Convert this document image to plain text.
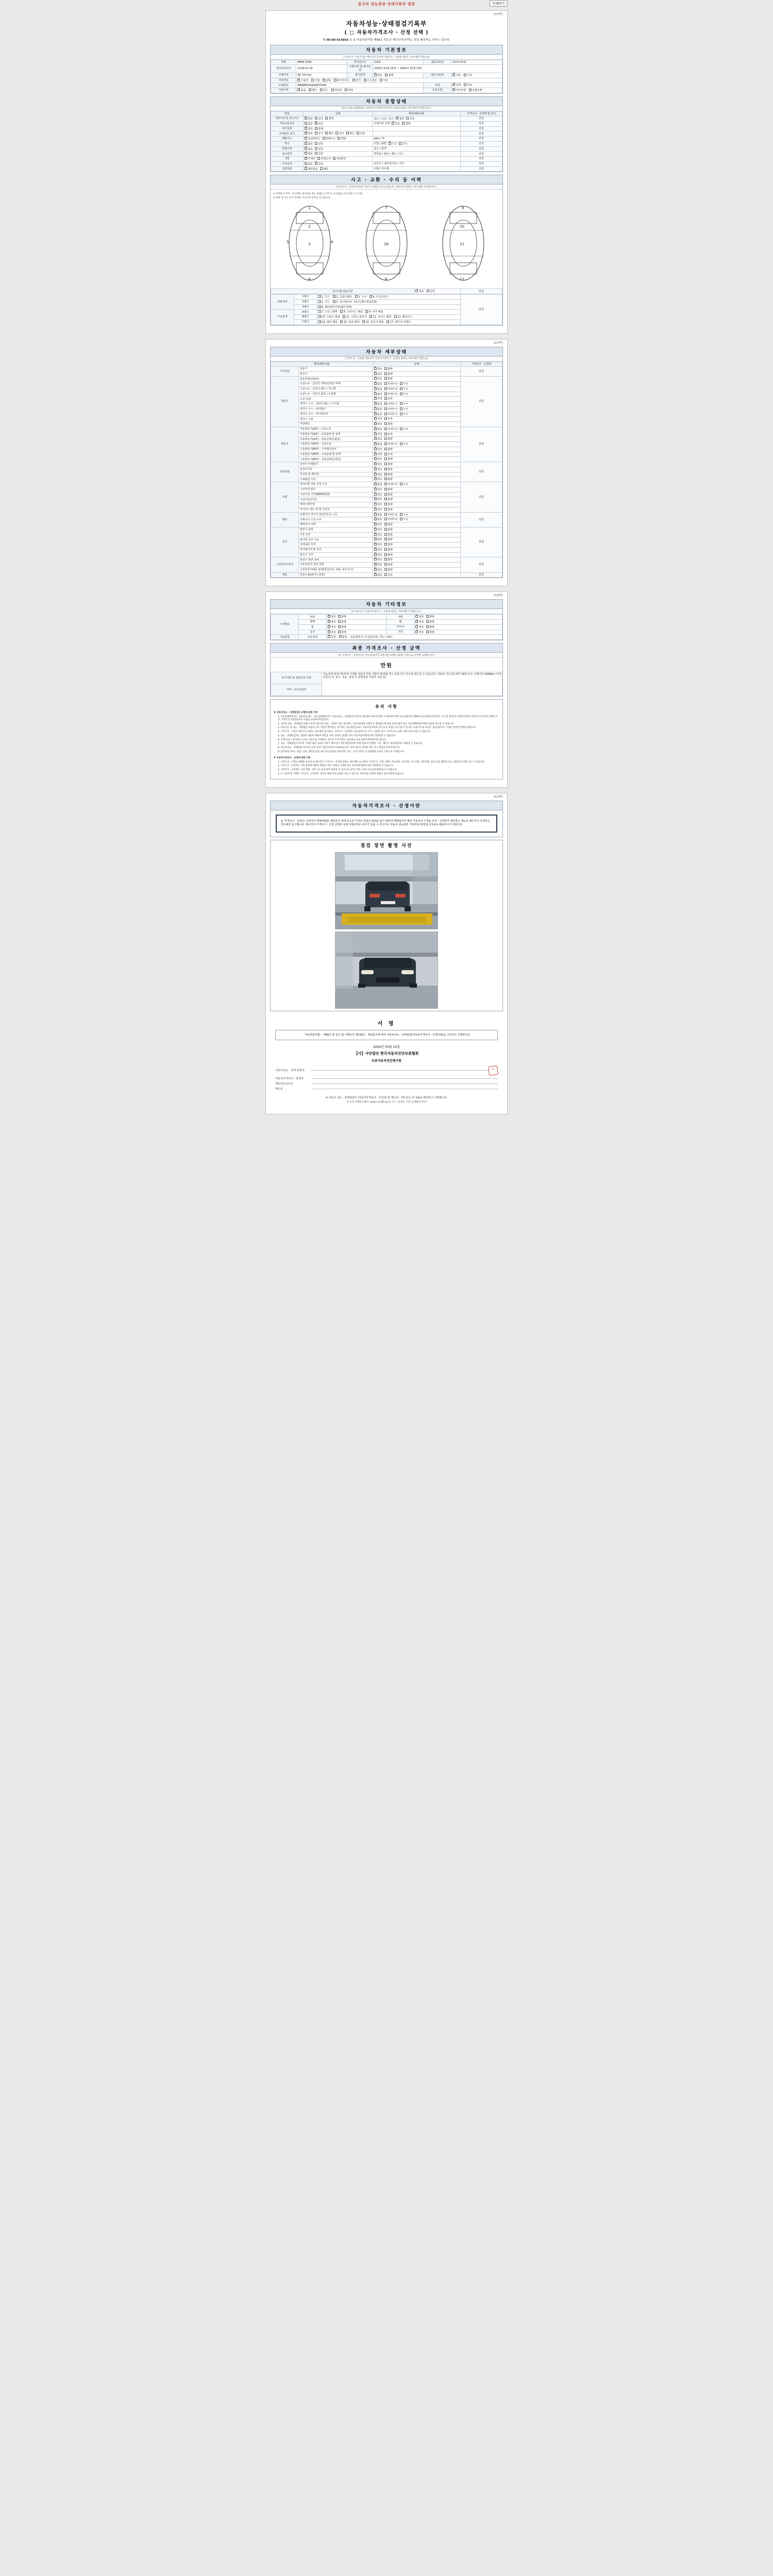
중고차 성능점검·상태기록부 열람	인쇄하기
(1/4쪽)
자동차성능·상태점검기록부
( □ 자동차가격조사 · 산정 선택 )
제 00-00-014856 호 ※ 자동차관리법 제58조·성능은 매수인에 한하는 점검 제공하는 서비스 입니다.
자동차 기본정보
[기록조사 기준가치를 매수인이 자동차거래조사 · 산정을 원하는 경우에만 작성(□)]
차명	BMW 3204	연식(년식)	2018	최초등록일	32Y0 4131
검사유효기간	2018-01-24	주행거리 및 계기상태	2018년 01월 24일 ~ 2020년 01월 23일		
주행거리	84,723 km	계기상태	✓양호 불량	변속기종류	✓자동 수동
사용연료	✓가솔린 디젤 LPG 하이브리드 전기 수소연료 기타
차대번호	WBA8E510409070305			색상	✓단색 투톤
사용이력	✓없음 렌트 리스 영업용 관용			보증유형	✓자기보험 보험승계
자동차 종합상태
[※ 본 성능·상태점검은 매수인이 자동차가격조사·산정을 원하는 경우에만 작성합니다.]
항목	상태	항목/해당내용	가격조사 · 산정액 및 감가
사용이력 및 특수사고	✓없음 있음 불명	전손 / 도난 / 침수 ✓ 없음 있음	만원
자동차등록증	없음 ✓ 있음	주행거리 상태 ✓ 양호 불량	만원
계기상태	✓양호 불량		만원
차대번호 표기	✓양호 부식 훼손 상이 변조 도말		만원
배출가스	✓일산화탄소 탄화수소 매연	ppm / %	만원
튜닝	✓없음 있음	적법 / 불법 ✓ 구조 장치	만원
특별이력	✓없음 있음	침수 / 화재	만원
용도변경	✓없음 있음	영업용 / 관용 / 렌트 / 리스	만원
색상	✓무채색 전체도색 색상변경		만원
주요옵션	없음 ✓ 있음	선루프 / 내비게이션 / 기타	만원
리콜대상	✓해당없음 해당	이행 / 미이행	만원
사고 · 교환 · 수리 등 이력
[기록조사 · 산정에 필요한 자동차 상태를 표시(○)합니다. 매수인이 원하는 경우에만 작성합니다.]
※ 상태표시 부호 : X (교환), W (판금 또는 용접), C (부식), A (흠집), U (요철), T (손상)
※ 외판 및 주요 골격 부위의 사고이력 유무를 표기합니다.
1
2
3
4
5	6	16
7
8
9
10
11
12
사고이력 판단기준	✓없음 있음	만원
외판부위	1랭크	1. 후드 2. 프론트휀더 3. 도어 4. 트렁크리드	만원
	2랭크	1. 후드 5. 라디에이터 서포트(볼트체결부품)	
	3랭크	6. 휀더에이프런(볼트체결)	
주요골격	A랭크	7. 크로스멤버 8. 인사이드 패널 9. 리어 패널	
	B랭크	10. 프론트 패널 11. 트렁크 플로어 12. 사이드 멤버 13. 휠하우스	
	C랭크	14. 필러 패널 15. 대쉬 패널 16. 플로어 패널 17. 패키지 트레이	
(2/4쪽)
자동차 세부상태
[기록조사 · 산정을 매수인이 자동차거래조사 · 산정을 원하는 경우에만 작성(□)]
항목/해당내용		상태	가격조사 · 산정액
자기진단	원동기	✓양호 불량	만원
	변속기	✓양호 불량
원동기	작동상태(공회전)	✓양호 불량	만원
	오일누유 - 실린더 커버(로커암 커버)	✓없음 미세누유 누유
	오일누유 - 실린더 헤드 / 가스켓	✓없음 미세누유 누유
	오일누유 - 실린더 블록 / 오일팬	✓없음 미세누유 누유
	오일 유량	✓적정 부족
	냉각수 누수 - 실린더 헤드 / 가스켓	✓없음 미세누수 누수
	냉각수 누수 - 워터펌프	✓없음 미세누수 누수
	냉각수 누수 - 라디에이터	✓없음 미세누수 누수
	냉각수 수량	✓적정 부족
	커먼레일	✓양호 불량
변속기	자동변속기(A/T) - 오일누유	✓없음 미세누유 누유	만원
	자동변속기(A/T) - 오일유량 및 상태	✓적정 부족
	자동변속기(A/T) - 작동상태(공회전)	✓양호 불량
	수동변속기(M/T) - 오일누유	✓없음 미세누유 누유
	수동변속기(M/T) - 기어변속장치	✓양호 불량
	수동변속기(M/T) - 오일유량 및 상태	✓적정 부족
	수동변속기(M/T) - 작동상태(공회전)	✓양호 불량
동력전달	클러치 어셈블리	✓양호 불량	만원
	등속조인트	✓양호 불량
	추진축 및 베어링	✓양호 불량
	디퍼렌셜 기어	✓양호 불량
조향	동력조향 작동 오일 누유	✓없음 미세누유 누유	만원
	스티어링 펌프	✓양호 불량
	스티어링 기어(MDPS포함)	✓양호 불량
	스티어링조인트	✓양호 불량
	파워크랭크암	✓양호 불량
	타이로드엔드 및 볼 조인트	✓양호 불량
제동	브레이크 마스터 실린더오일 누유	✓없음 미세누유 누유	만원
	브레이크 오일 누유	✓없음 미세누유 누유
	배력장치 상태	✓양호 불량
전기	발전기 출력	✓양호 불량	만원
	시동 모터	✓양호 불량
	와이퍼 모터 기능	✓양호 불량
	실내송풍 모터	✓양호 불량
	라디에이터 팬 모터	✓양호 불량
	윈도우 모터	✓양호 불량
고전원전기장치	충전구 절연 상태	✓양호 불량	만원
	구동축전지 격리 상태	✓양호 불량
	고전원전기배선 상태(접속단자, 피복, 보호기구)	✓양호 불량
연료	연료누출(LP가스포함)	✓없음 있음	만원
(3/4쪽)
자동차 기타정보
[※ 매수인이 자동차가격조사 · 산정을 원하는 경우에만 작성합니다.]
수리필요	외장	✓양호 불량	내장	✓양호 불량
	광택	✓양호 불량	휠	✓양호 불량
	룸	✓양호 불량	타이어	✓양호 불량
	유리	✓양호 불량	기타	✓양호 불량
기본품목	보유상태	✓있음 없음 사용설명서 / 안전삼각대 / 잭 / 스패너
최종 가격조사 · 산정 금액
[※ 가격조사 · 산정가격은 성능점검자가 자동차검사대행 내용을 기준으로 산정한 금액입니다.]
만원
특기사항 및 점검자의 의견	성능상태 점검기록부에 기재된 내용과 다른 사항이 발견될 경우 보증기간 내 보상 받으실 수 있습니다. 자동차 인도일로부터 30일 또는 주행거리 2000km 이내 보증(고지, 표시, 성능, 점검 등 상태점검 기록부 내용 등)
가격 · 조사산정자
유의 사항

※ 자동차성능 · 상태점검자 보험에 관한 사항

1. 자동차매매업자는 자동차를 매도 · 성능상태점검자가 자동차성능 · 상태점검기록부를 발급하여 매수인에게 고지하여야 하며 자동차관리법 제58조(자동차관리사업자의 고지 및 관리)의 규정에 의하여 자동차 인도일부터 30일 이상, 주행거리 2천킬로미터 이상을 보증하여야 합니다.

2. 자동차 성능 · 상태점검 내용과 실제 자동차의 성능 · 상태가 다른 경우에는 자동차관리법 시행규칙 제120조에 따라 보험사업자 또는 자동차매매업자에게 보상을 청구할 수 있습니다.

3. 보증기간 내 성능 · 상태점검 내용과 다른 사항이 발견되는 경우에는 성능점검자 또는 보험사업자에게 수리 등의 보상을 청구할 수 있으며, 보증수리 및 보상은 성능점검자가 가입한 보험의 약관에 따릅니다.

4. 가격조사 · 산정은 매수인이 원하는 경우에만 실시하며, 가격조사 · 산정액은 성능점검자가 조사 · 산정한 참고 가격이므로 실제 거래가격과 다를 수 있습니다.

5. 성능 · 상태점검자는 점검한 내용에 대하여 책임을 지며, 허위로 점검한 경우 자동차관리법에 따라 처벌받을 수 있습니다.

6. 주행거리는 계기상의 표시를 기준으로 기재하며, 계기의 조작 여부는 정밀검사 등을 통하여 확인하여야 합니다.

7. 성능 · 상태점검기록부에 기재된 내용 이외의 사항은 매수인이 직접 확인하여야 하며 점검 후 발생한 고장 · 훼손은 보증대상에서 제외될 수 있습니다.

8. 자동차성능 · 상태점검기록부의 유효기간은 발급일로부터 120일입니다. 유효기간이 경과한 경우 다시 점검을 받아야 합니다.

9. 침수차량 여부는 외관, 실내, 엔진룸 등을 육안으로 점검한 결과이며, 전손 · 도난 이력은 보험개발원 자료를 기준으로 기재합니다.

※ 자동차가격조사 · 산정에 관한 사항

1. 가격조사 · 산정은 매매용 자동차 중 매수인이 가격조사 · 산정을 원하는 경우에만 실시하며, 가격조사 · 산정 금액은 자동차의 기본정보, 사고이력, 세부상태, 옵션 등을 종합적으로 고려하여 산정한 참고 가격입니다.

2. 가격조사 · 산정자는 산정 결과에 대하여 책임을 지며, 허위로 산정한 경우 자동차관리법에 따라 처벌받을 수 있습니다.

3. 가격조사 · 산정액은 시장 상황, 거래 시기 등에 따라 달라질 수 있으므로 실제 거래 시 참고자료로만 활용하시기 바랍니다.

4. 본 기록부에 기재된 가격조사 · 산정액은 자동차 매매 계약 금액과 다를 수 있으며, 이에 따른 분쟁의 책임은 당사자에게 있습니다.

(4/4쪽)
자동차가격조사 · 산정이란

※ '가격조사 · 산정'은 소비자가 매매계약을 체결하기 전에 중고차 가격의 적정성 판단을 돕기 위하여 매매업자가 해당 자동차의 가격을 조사 · 산정하여 제공하는 제도로 매수인이 요청하는 경우에만 실시합니다. 매수인이 가격조사 · 산정 금액과 실제 거래금액은 차이가 있을 수 있으므로 자동차 성능점검 기록부와 함께 참고자료로 활용하시기 바랍니다.

점검 장면 촬영 사진
서 명
「자동차관리법」 제58조 및 같은 법 시행규칙 제120조 · 제121조에 따라 자동차성능 · 상태점검(자동차가격조사 · 산정)내용을 고지하고 서명합니다.
2024년 03월 10일
【사】사단법인 한국자동차진단보증협회
보증자동차진단평가원
자동차성능 · 상태 점검자	인
자동차가격조사 · 산정자
매도인(소유자)
매수인
※ 자동차 성능 · 상태점검자 (자동차가격조사 · 산정자) 및 매도인 · 매수인은 위 내용을 확인하고 서명합니다.
※ 보다 자세한 내용은 www.car365.go.kr 의 시 공통등 포털 및 협회에 문의
